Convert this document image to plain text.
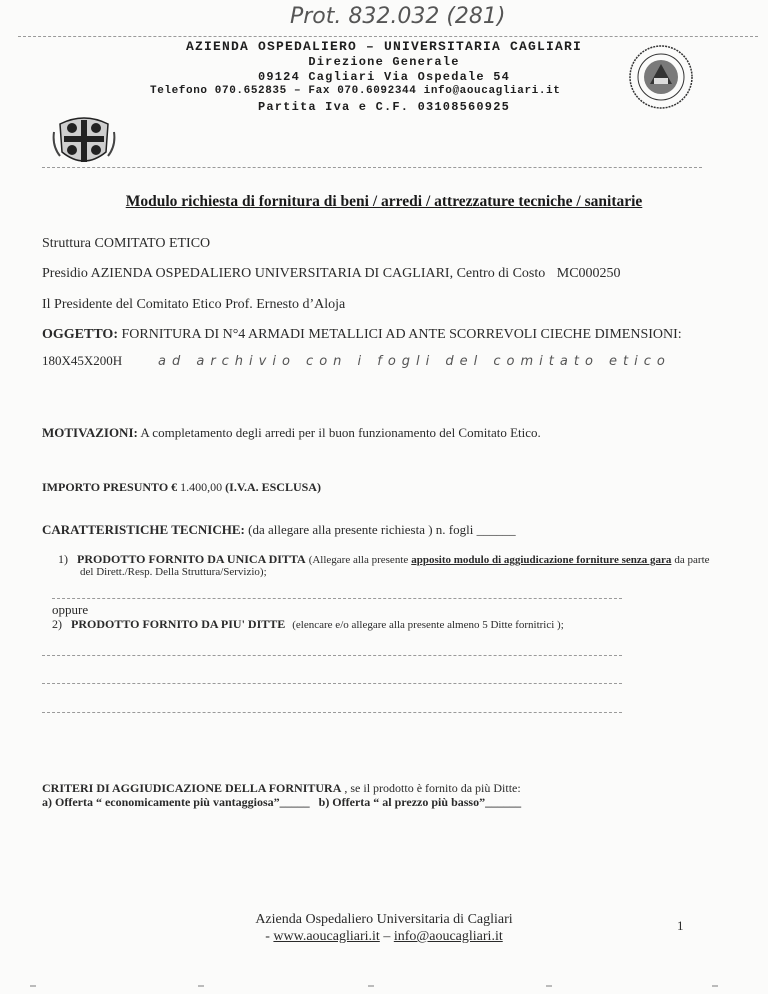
Prot. 832.032 (281)
AZIENDA OSPEDALIERO – UNIVERSITARIA CAGLIARI
Direzione Generale
09124 Cagliari Via Ospedale 54
Telefono 070.652835 – Fax 070.6092344 info@aoucagliari.it
Partita Iva e C.F. 03108560925
Modulo richiesta di fornitura di beni / arredi / attrezzature tecniche / sanitarie
Struttura COMITATO ETICO
Presidio AZIENDA OSPEDALIERO UNIVERSITARIA DI CAGLIARI, Centro di Costo MC000250
Il Presidente del Comitato Etico Prof. Ernesto d’Aloja
OGGETTO: FORNITURA DI N°4 ARMADI METALLICI AD ANTE SCORREVOLI CIECHE DIMENSIONI:
180X45X200H	ad archivio con i fogli del comitato etico
MOTIVAZIONI: A completamento degli arredi per il buon funzionamento del Comitato Etico.
IMPORTO PRESUNTO € 1.400,00 (I.V.A. ESCLUSA)
CARATTERISTICHE TECNICHE: (da allegare alla presente richiesta ) n. fogli ______
1) PRODOTTO FORNITO DA UNICA DITTA (Allegare alla presente apposito modulo di aggiudicazione forniture senza gara da parte
del Dirett./Resp. Della Struttura/Servizio);
oppure
2) PRODOTTO FORNITO DA PIU' DITTE (elencare e/o allegare alla presente almeno 5 Ditte fornitrici );
CRITERI DI AGGIUDICAZIONE DELLA FORNITURA , se il prodotto è fornito da più Ditte:
a) Offerta “ economicamente più vantaggiosa”_____ b) Offerta “ al prezzo più basso”______
Azienda Ospedaliero Universitaria di Cagliari
- www.aoucagliari.it – info@aoucagliari.it
1
